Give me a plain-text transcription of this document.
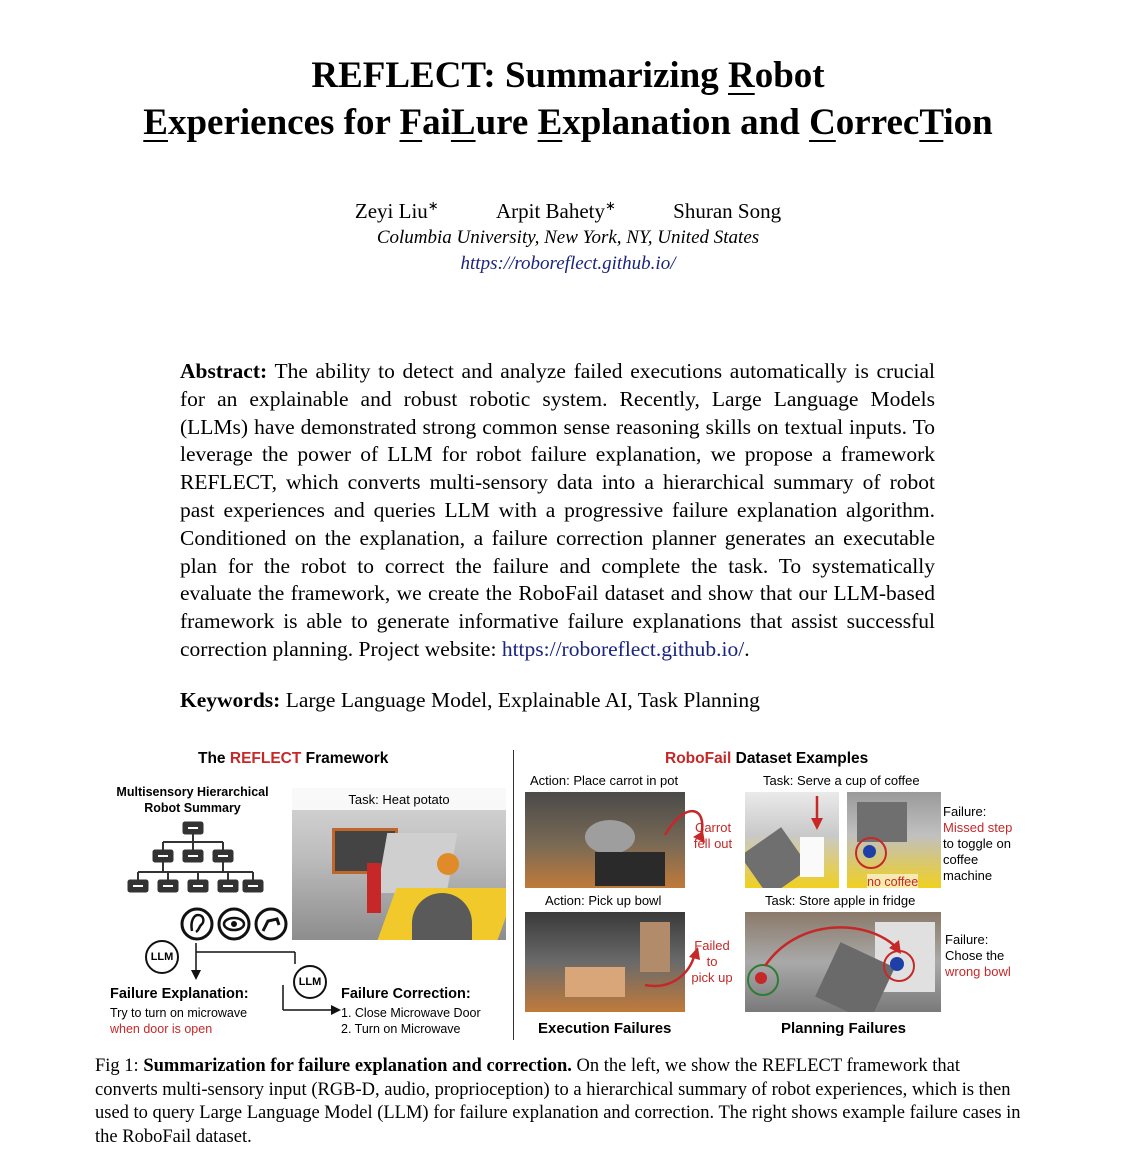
REFLECT: Summarizing Robot
Experiences for FaiLure Explanation and CorrecTion
Zeyi Liu∗	Arpit Bahety∗	Shuran Song
Columbia University, New York, NY, United States
https://roboreflect.github.io/
Abstract: The ability to detect and analyze failed executions automatically is crucial for an explainable and robust robotic system. Recently, Large Language Models (LLMs) have demonstrated strong common sense reasoning skills on textual inputs. To leverage the power of LLM for robot failure explanation, we propose a framework REFLECT, which converts multi-sensory data into a hierarchical summary of robot past experiences and queries LLM with a progressive failure explanation algorithm. Conditioned on the explanation, a failure correction planner generates an executable plan for the robot to correct the failure and complete the task. To systematically evaluate the framework, we create the RoboFail dataset and show that our LLM-based framework is able to generate informative failure explanations that assist successful correction planning. Project website: https://roboreflect.github.io/.
Keywords: Large Language Model, Explainable AI, Task Planning
The REFLECT Framework
Multisensory Hierarchical
Robot Summary
LLM
LLM
Failure Explanation:
Try to turn on microwave
when door is open
Failure Correction:
1. Close Microwave Door
2. Turn on Microwave
Task: Heat potato
RoboFail Dataset Examples
Action: Place carrot in pot
Carrot
fell out
Task: Serve a cup of coffee
no coffee
Failure:
Missed step
to toggle on
coffee
machine
Action: Pick up bowl
Failed to
pick up
Task: Store apple in fridge
Failure:
Chose the
wrong bowl
Execution Failures	Planning Failures
Fig 1: Summarization for failure explanation and correction. On the left, we show the REFLECT framework that converts multi-sensory input (RGB-D, audio, proprioception) to a hierarchical summary of robot experiences, which is then used to query Large Language Model (LLM) for failure explanation and correction. The right shows example failure cases in the RoboFail dataset.
